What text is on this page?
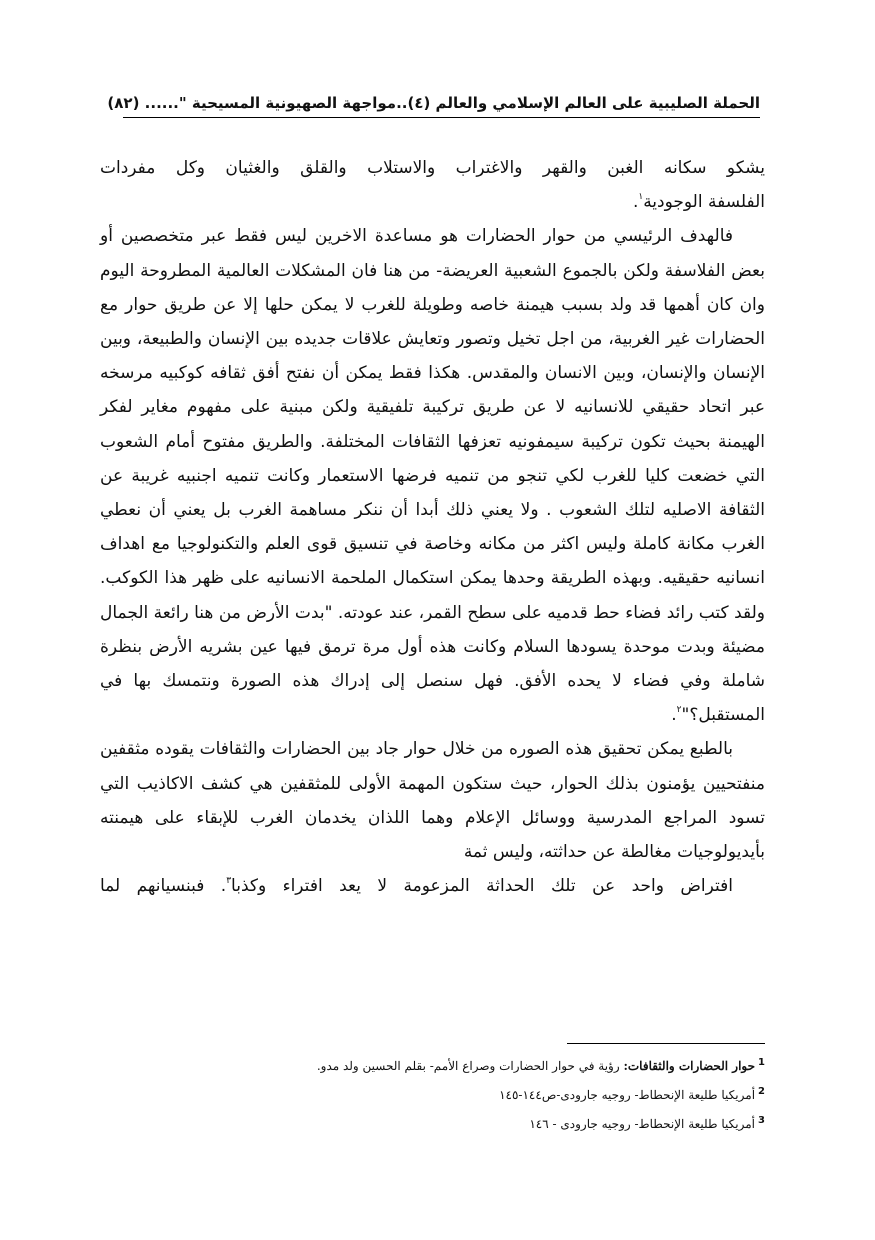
الحملة الصليبية على العالم الإسلامي والعالم (٤)..مواجهة الصهيونية المسيحية "...... (٨٢)

يشكو سكانه الغبن والقهر والاغتراب والاستلاب والقلق والغثيان وكل مفردات
الفلسفة الوجودية$^١$.

فالهدف الرئيسي من حوار الحضارات هو مساعدة الاخرين ليس فقط عبر متخصصين أو بعض الفلاسفة ولكن بالجموع الشعبية العريضة- من هنا فان المشكلات العالمية المطروحة اليوم وان كان أهمها قد ولد بسبب هيمنة خاصه وطويلة للغرب لا يمكن حلها إلا عن طريق حوار مع الحضارات غير الغربية، من اجل تخيل وتصور وتعايش علاقات جديده بين الإنسان والطبيعة، وبين الإنسان والإنسان، وبين الانسان والمقدس. هكذا فقط يمكن أن نفتح أفق ثقافه كوكبيه مرسخه عبر اتحاد حقيقي للانسانيه لا عن طريق تركيبة تلفيقية ولكن مبنية على مفهوم مغاير لفكر الهيمنة بحيث تكون تركيبة سيمفونيه تعزفها الثقافات المختلفة. والطريق مفتوح أمام الشعوب التي خضعت كليا للغرب لكي تنجو من تنميه فرضها الاستعمار وكانت تنميه اجنبيه غريبة عن الثقافة الاصليه لتلك الشعوب . ولا يعني ذلك أبدا أن ننكر مساهمة الغرب بل يعني أن نعطي الغرب مكانة كاملة وليس اكثر من مكانه وخاصة في تنسيق قوى العلم والتكنولوجيا مع اهداف انسانيه حقيقيه. وبهذه الطريقة وحدها يمكن استكمال الملحمة الانسانيه على ظهر هذا الكوكب. ولقد كتب رائد فضاء حط قدميه على سطح القمر، عند عودته. "بدت الأرض من هنا رائعة الجمال مضيئة وبدت موحدة يسودها السلام وكانت هذه أول مرة ترمق فيها عين بشريه الأرض بنظرة شاملة وفي فضاء لا يحده الأفق. فهل سنصل إلى إدراك هذه الصورة ونتمسك بها في المستقبل؟"$^٢$.

بالطبع يمكن تحقيق هذه الصوره من خلال حوار جاد بين الحضارات والثقافات يقوده مثقفين منفتحيين يؤمنون بذلك الحوار، حيث ستكون المهمة الأولى للمثقفين هي كشف الاكاذيب التي تسود المراجع المدرسية ووسائل الإعلام وهما اللذان يخدمان الغرب للإبقاء على هيمنته بأيديولوجيات مغالطة عن حداثته، وليس ثمة
افتراض واحد عن تلك الحداثة المزعومة لا يعد افتراء وكذبا$^٣$. فبنسيانهم لما

$^1$حوار الحضارات والثقافات: رؤية في حوار الحضارات وصراع الأمم- بقلم الحسين ولد مدو.

$^2$أمريكيا طليعة الإنحطاط- روجيه جارودى-ص١٤٤-١٤٥

$^3$أمريكيا طليعة الإنحطاط- روجيه جارودى - ١٤٦
